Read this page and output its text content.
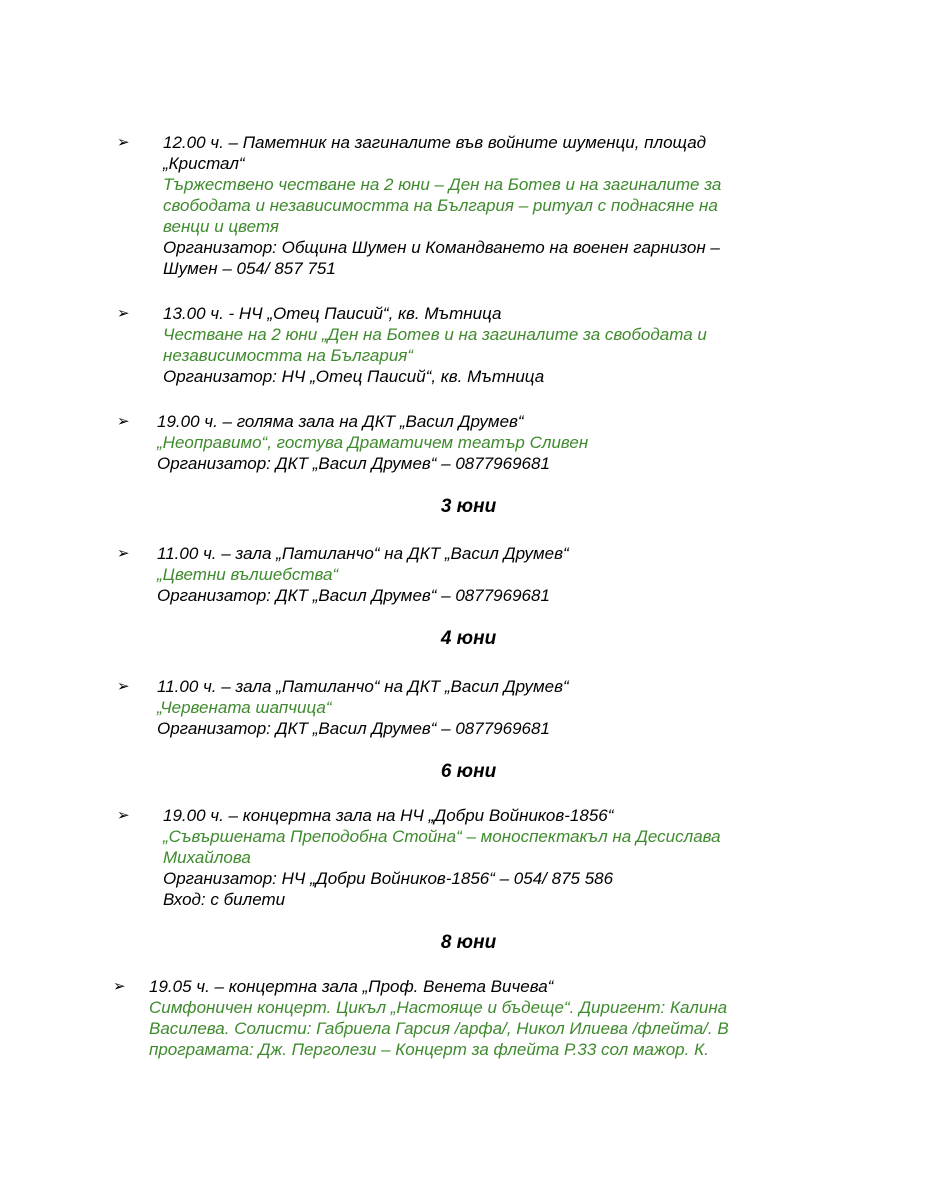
➢ 12.00 ч. – Паметник на загиналите във войните шуменци, площад
„Кристал“
Тържествено честване на 2 юни – Ден на Ботев и на загиналите за
свободата и независимостта на България – ритуал с поднасяне на
венци и цветя
Организатор: Община Шумен и Командването на военен гарнизон –
Шумен – 054/ 857 751
➢ 13.00 ч. - НЧ „Отец Паисий“, кв. Мътница
Честване на 2 юни „Ден на Ботев и на загиналите за свободата и
независимостта на България“
Организатор: НЧ „Отец Паисий“, кв. Мътница
➢ 19.00 ч. – голяма зала на ДКТ „Васил Друмев“
„Неоправимо“, гостува Драматичем театър Сливен
Организатор: ДКТ „Васил Друмев“ – 0877969681
3 юни
➢ 11.00 ч. – зала „Патиланчо“ на ДКТ „Васил Друмев“
„Цветни вълшебства“
Организатор: ДКТ „Васил Друмев“ – 0877969681
4 юни
➢ 11.00 ч. – зала „Патиланчо“ на ДКТ „Васил Друмев“
„Червената шапчица“
Организатор: ДКТ „Васил Друмев“ – 0877969681
6 юни
➢ 19.00 ч. – концертна зала на НЧ „Добри Войников-1856“
„Съвършената Преподобна Стойна“ – моноспектакъл на Десислава
Михайлова
Организатор: НЧ „Добри Войников-1856“ – 054/ 875 586
Вход: с билети
8 юни
➢ 19.05 ч. – концертна зала „Проф. Венета Вичева“
Симфоничен концерт. Цикъл „Настояще и бъдеще“. Диригент: Калина
Василева. Солисти: Габриела Гарсия /арфа/, Никол Илиева /флейта/. В
програмата: Дж. Перголези – Концерт за флейта Р.33 сол мажор. К.
